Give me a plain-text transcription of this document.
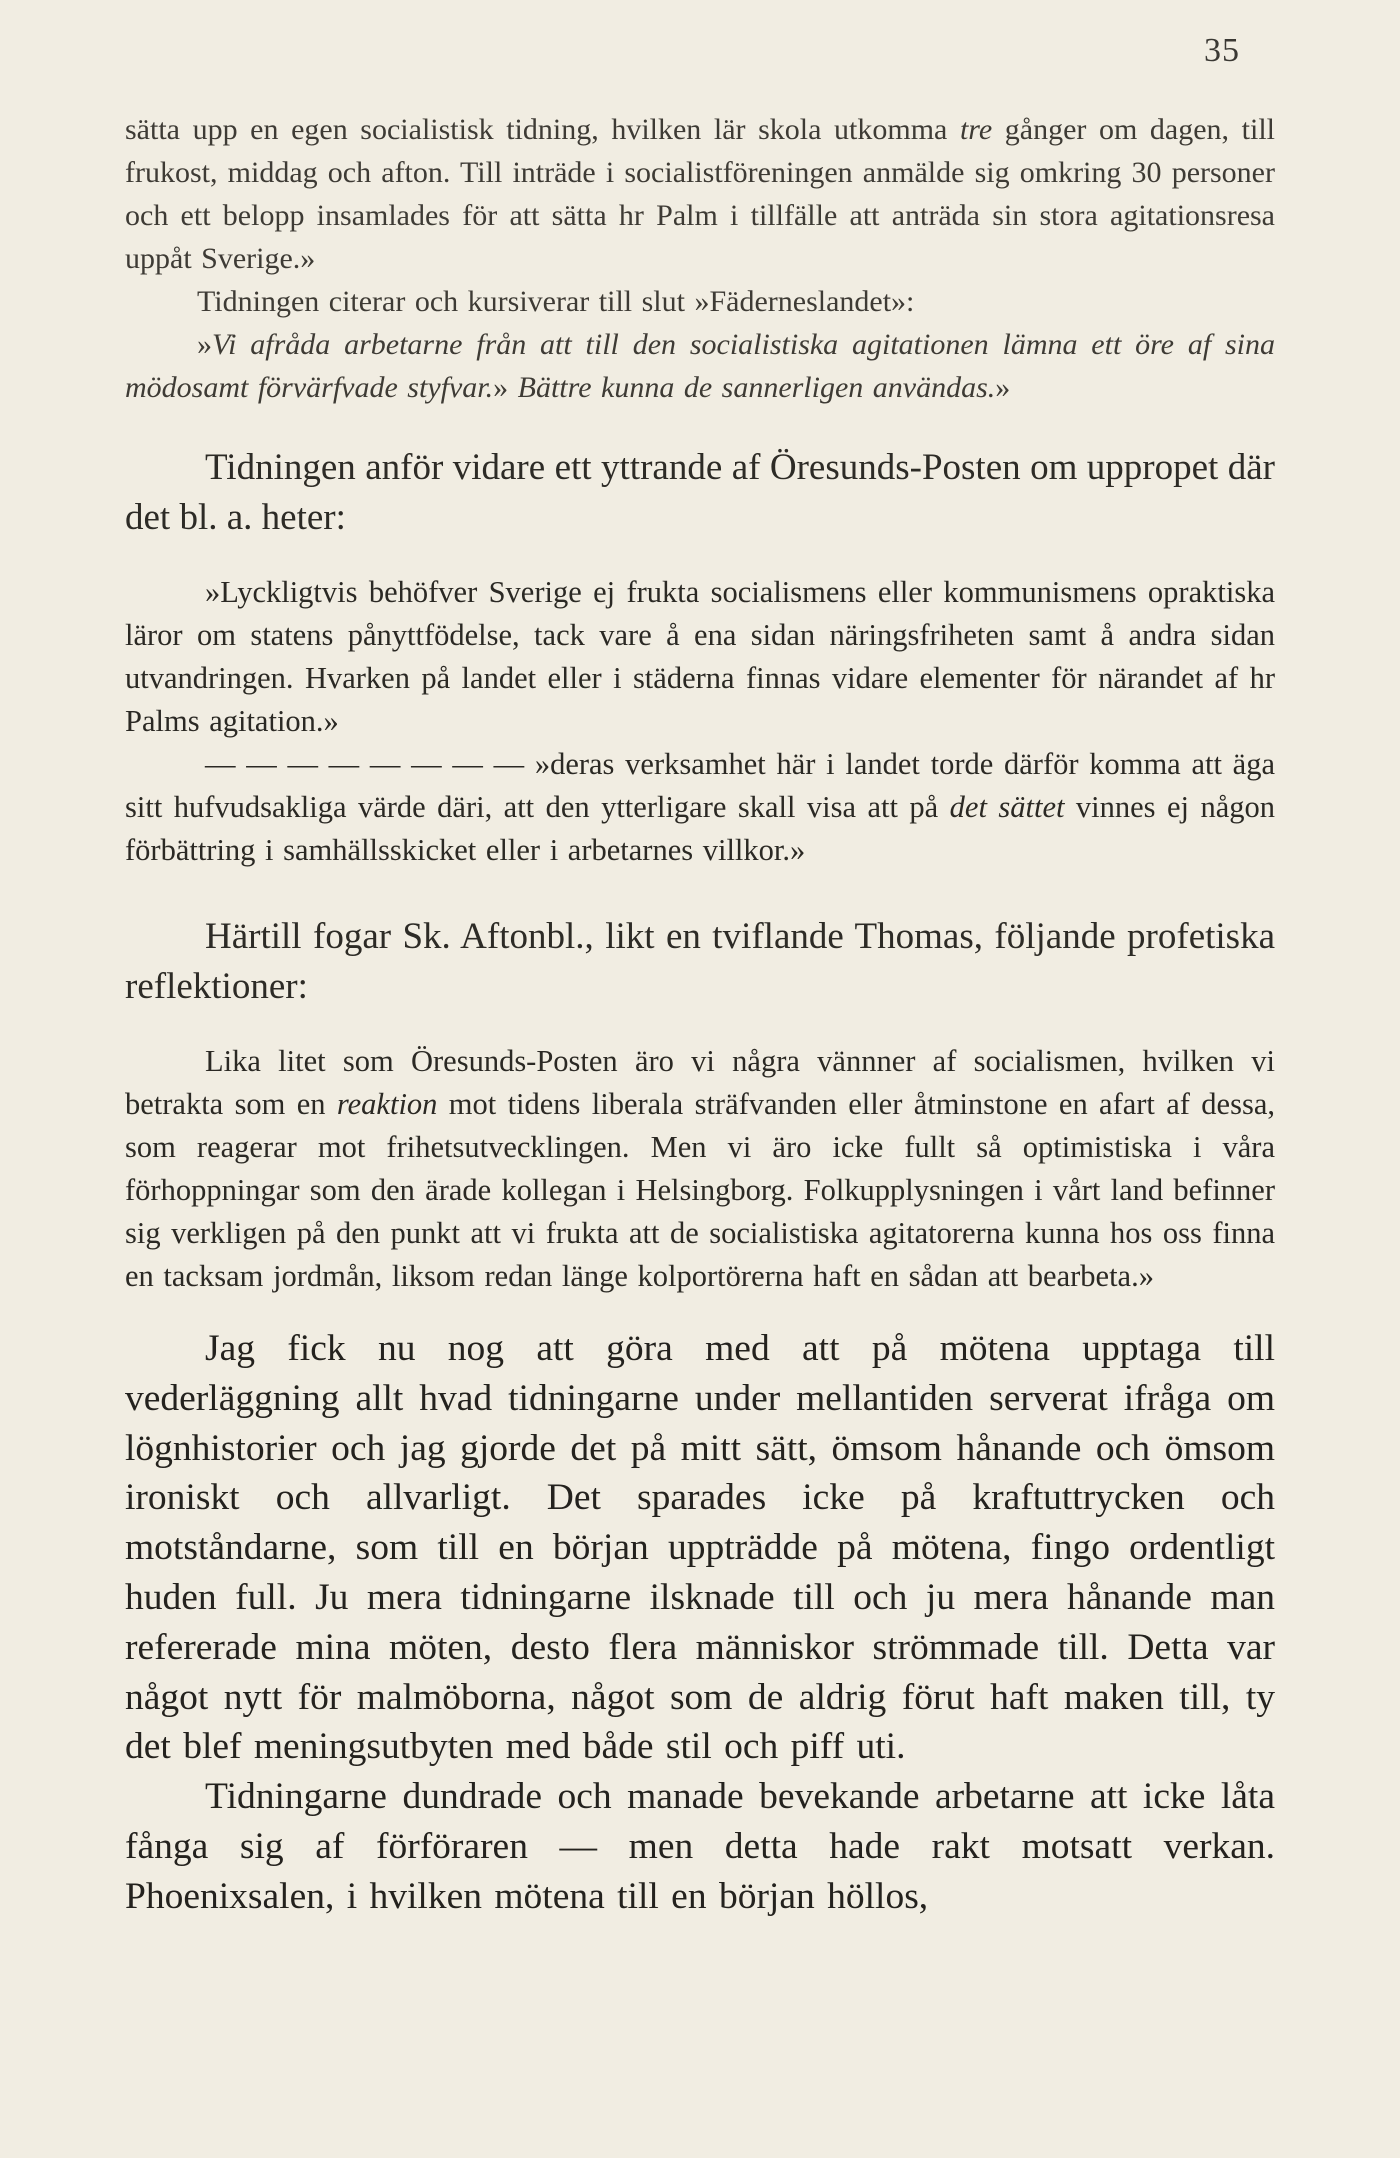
35

sätta upp en egen socialistisk tidning, hvilken lär skola utkomma tre gånger om dagen, till frukost, middag och afton. Till inträde i socialistföreningen anmälde sig omkring 30 personer och ett belopp insamlades för att sätta hr Palm i tillfälle att anträda sin stora agitationsresa uppåt Sverige.»

Tidningen citerar och kursiverar till slut »Fäderneslandet»:

»Vi afråda arbetarne från att till den socialistiska agitationen lämna ett öre af sina mödosamt förvärfvade styfvar.» Bättre kunna de sannerligen användas.»

Tidningen anför vidare ett yttrande af Öresunds-Posten om uppropet där det bl. a. heter:

»Lyckligtvis behöfver Sverige ej frukta socialismens eller kommunismens opraktiska läror om statens pånyttfödelse, tack vare å ena sidan näringsfriheten samt å andra sidan utvandringen. Hvarken på landet eller i städerna finnas vidare elementer för närandet af hr Palms agitation.»

— — — — — — — — »deras verksamhet här i landet torde därför komma att äga sitt hufvudsakliga värde däri, att den ytterligare skall visa att på det sättet vinnes ej någon förbättring i samhällsskicket eller i arbetarnes villkor.»

Härtill fogar Sk. Aftonbl., likt en tviflande Thomas, följande profetiska reflektioner:

Lika litet som Öresunds-Posten äro vi några vännner af socialismen, hvilken vi betrakta som en reaktion mot tidens liberala sträfvanden eller åtminstone en afart af dessa, som reagerar mot frihetsutvecklingen. Men vi äro icke fullt så optimistiska i våra förhoppningar som den ärade kollegan i Helsingborg. Folkupplysningen i vårt land befinner sig verkligen på den punkt att vi frukta att de socialistiska agitatorerna kunna hos oss finna en tacksam jordmån, liksom redan länge kolportörerna haft en sådan att bearbeta.»

Jag fick nu nog att göra med att på mötena upptaga till vederläggning allt hvad tidningarne under mellantiden serverat ifråga om lögnhistorier och jag gjorde det på mitt sätt, ömsom hånande och ömsom ironiskt och allvarligt. Det sparades icke på kraftuttrycken och motståndarne, som till en början uppträdde på mötena, fingo ordentligt huden full. Ju mera tidningarne ilsknade till och ju mera hånande man refererade mina möten, desto flera människor strömmade till. Detta var något nytt för malmöborna, något som de aldrig förut haft maken till, ty det blef meningsutbyten med både stil och piff uti.

Tidningarne dundrade och manade bevekande arbetarne att icke låta fånga sig af förföraren — men detta hade rakt motsatt verkan. Phoenixsalen, i hvilken mötena till en början höllos,
